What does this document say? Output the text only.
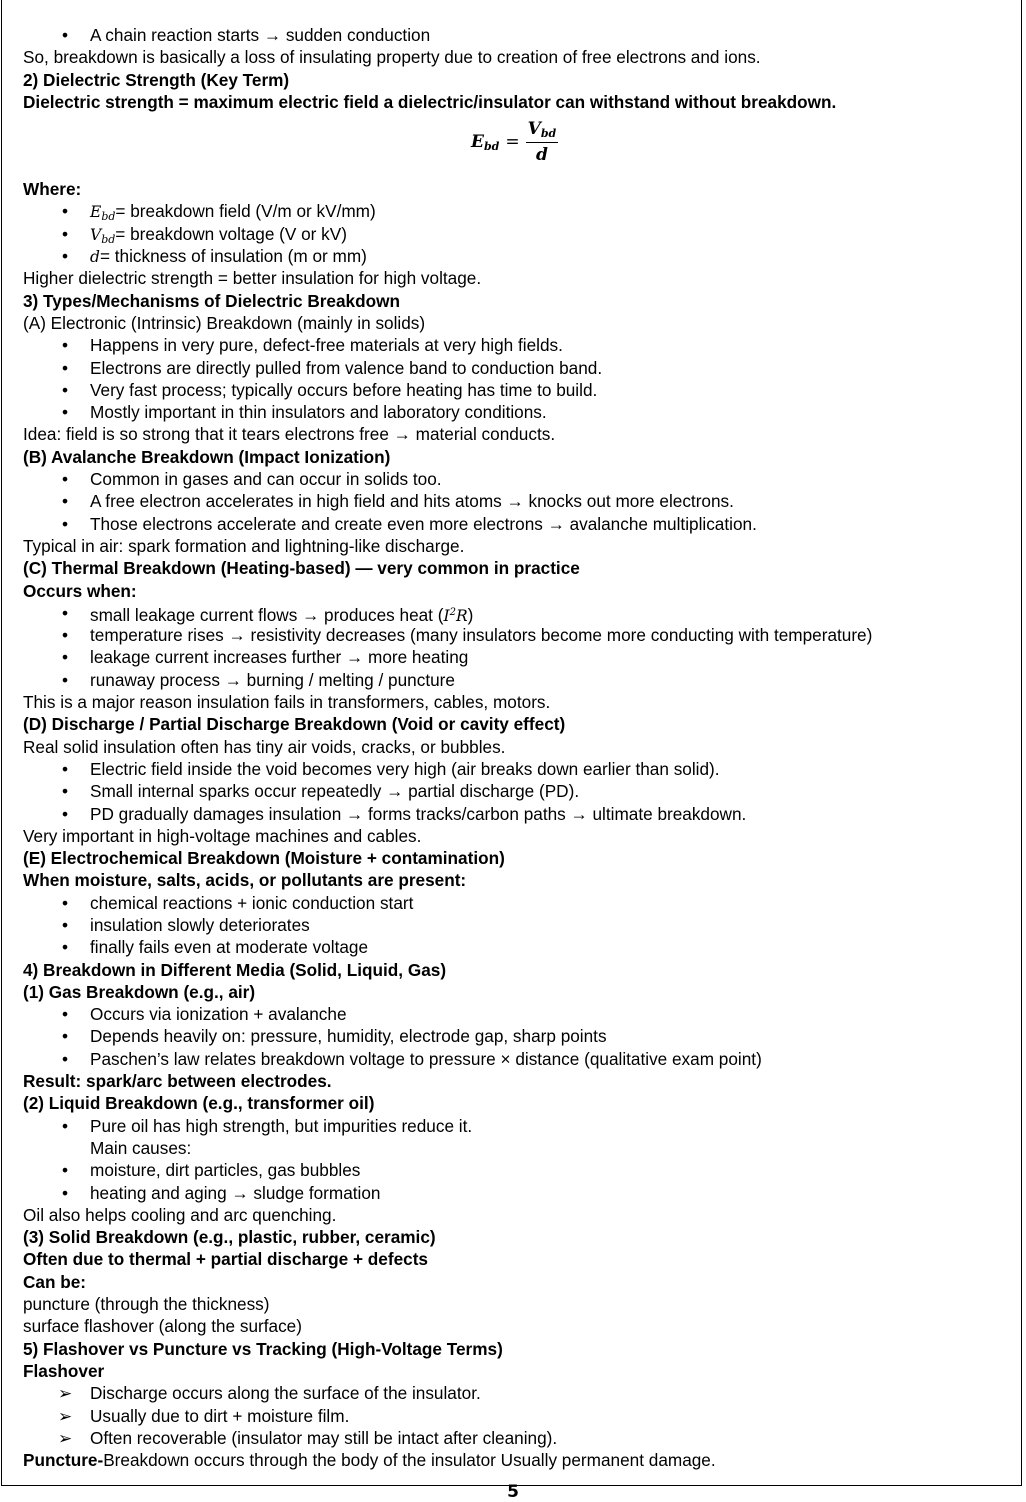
• A chain reaction starts → sudden conduction
So, breakdown is basically a loss of insulating property due to creation of free electrons and ions.
2) Dielectric Strength (Key Term)
Dielectric strength = maximum electric field a dielectric/insulator can withstand without breakdown.
$E_{bd} = \frac{V_{bd}}{d}$
Where:
• $E_{bd}=$ breakdown field (V/m or kV/mm)
• $V_{bd}=$ breakdown voltage (V or kV)
• d= thickness of insulation (m or mm)
Higher dielectric strength = better insulation for high voltage.
3) Types/Mechanisms of Dielectric Breakdown
(A) Electronic (Intrinsic) Breakdown (mainly in solids)
• Happens in very pure, defect-free materials at very high fields.
• Electrons are directly pulled from valence band to conduction band.
• Very fast process; typically occurs before heating has time to build.
• Mostly important in thin insulators and laboratory conditions.
Idea: field is so strong that it tears electrons free → material conducts.
(B) Avalanche Breakdown (Impact Ionization)
• Common in gases and can occur in solids too.
• A free electron accelerates in high field and hits atoms → knocks out more electrons.
• Those electrons accelerate and create even more electrons → avalanche multiplication.
Typical in air: spark formation and lightning-like discharge.
(C) Thermal Breakdown (Heating-based) — very common in practice
Occurs when:
• small leakage current flows → produces heat $(I^2R)$
• temperature rises → resistivity decreases (many insulators become more conducting with temperature)
• leakage current increases further → more heating
• runaway process → burning / melting / puncture
This is a major reason insulation fails in transformers, cables, motors.
(D) Discharge / Partial Discharge Breakdown (Void or cavity effect)
Real solid insulation often has tiny air voids, cracks, or bubbles.
• Electric field inside the void becomes very high (air breaks down earlier than solid).
• Small internal sparks occur repeatedly → partial discharge (PD).
• PD gradually damages insulation → forms tracks/carbon paths → ultimate breakdown.
Very important in high-voltage machines and cables.
(E) Electrochemical Breakdown (Moisture + contamination)
When moisture, salts, acids, or pollutants are present:
• chemical reactions + ionic conduction start
• insulation slowly deteriorates
• finally fails even at moderate voltage
4) Breakdown in Different Media (Solid, Liquid, Gas)
(1) Gas Breakdown (e.g., air)
• Occurs via ionization + avalanche
• Depends heavily on: pressure, humidity, electrode gap, sharp points
• Paschen’s law relates breakdown voltage to pressure × distance (qualitative exam point)
Result: spark/arc between electrodes.
(2) Liquid Breakdown (e.g., transformer oil)
• Pure oil has high strength, but impurities reduce it.
Main causes:
• moisture, dirt particles, gas bubbles
• heating and aging → sludge formation
Oil also helps cooling and arc quenching.
(3) Solid Breakdown (e.g., plastic, rubber, ceramic)
Often due to thermal + partial discharge + defects
Can be:
puncture (through the thickness)
surface flashover (along the surface)
5) Flashover vs Puncture vs Tracking (High-Voltage Terms)
Flashover
➢ Discharge occurs along the surface of the insulator.
➢ Usually due to dirt + moisture film.
➢ Often recoverable (insulator may still be intact after cleaning).
Puncture-Breakdown occurs through the body of the insulator Usually permanent damage.
5
